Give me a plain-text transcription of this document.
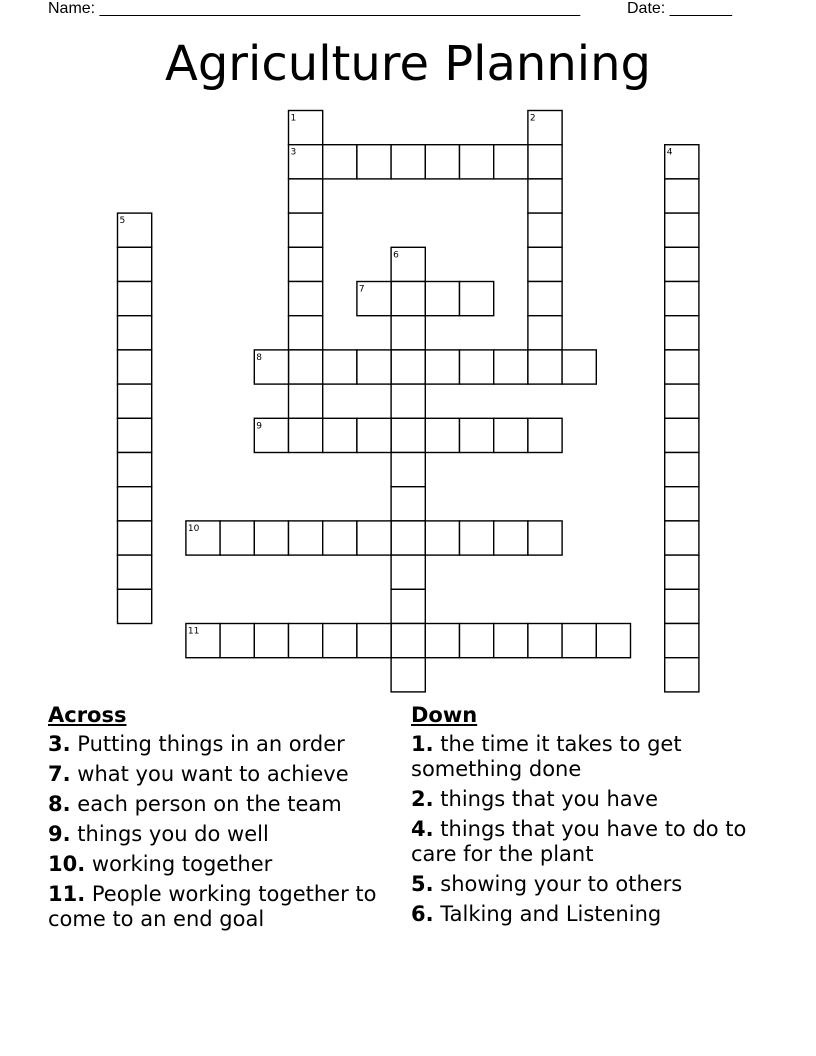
Name: ______________________________________________________	Date: _______
Agriculture Planning
1	2
3	4
5
6
7
8
9
10
11
Across
3. Putting things in an order
7. what you want to achieve
8. each person on the team
9. things you do well
10. working together
11. People working together to come to an end goal
Down
1. the time it takes to get something done
2. things that you have
4. things that you have to do to care for the plant
5. showing your to others
6. Talking and Listening
